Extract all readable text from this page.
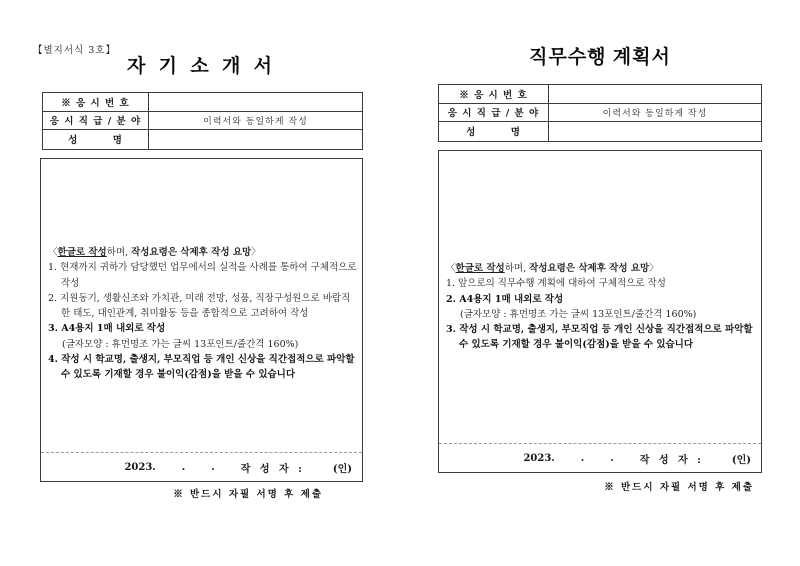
【별지서식 3호】
자 기 소 개 서
※ 응 시 번 호
응 시 직 급 / 분 야	이력서와 동일하게 작성
성        명
〈한글로 작성하며, 작성요령은 삭제후 작성 요망〉
1. 현재까지 귀하가 담당했던 업무에서의 실적을 사례를 통하여 구체적으로 작성
2. 지원동기, 생활신조와 가치관, 미래 전망, 성품, 직장구성원으로 바람직한 태도, 대인관계, 취미활동 등을 종합적으로 고려하여 작성
3. A4용지 1매 내외로 작성
(글자모양 : 휴먼명조 가는 글씨 13포인트/줄간격 160%)
4. 작성 시 학교명, 출생지, 부모직업 등 개인 신상을 직간접적으로 파악할 수 있도록 기재할 경우 불이익(감점)을 받을 수 있습니다
2023.	.	.	작 성 자 :	(인)
※ 반드시 자필 서명 후 제출
직무수행 계획서
※ 응 시 번 호
응 시 직 급 / 분 야	이력서와 동일하게 작성
성        명
〈한글로 작성하며, 작성요령은 삭제후 작성 요망〉
1. 앞으로의 직무수행 계획에 대하여 구체적으로 작성
2. A4용지 1매 내외로 작성
(글자모양 : 휴먼명조 가는 글씨 13포인트/줄간격 160%)
3. 작성 시 학교명, 출생지, 부모직업 등 개인 신상을 직간접적으로 파악할 수 있도록 기재할 경우 불이익(감점)을 받을 수 있습니다
2023.	.	.	작 성 자 :	(인)
※ 반드시 자필 서명 후 제출
